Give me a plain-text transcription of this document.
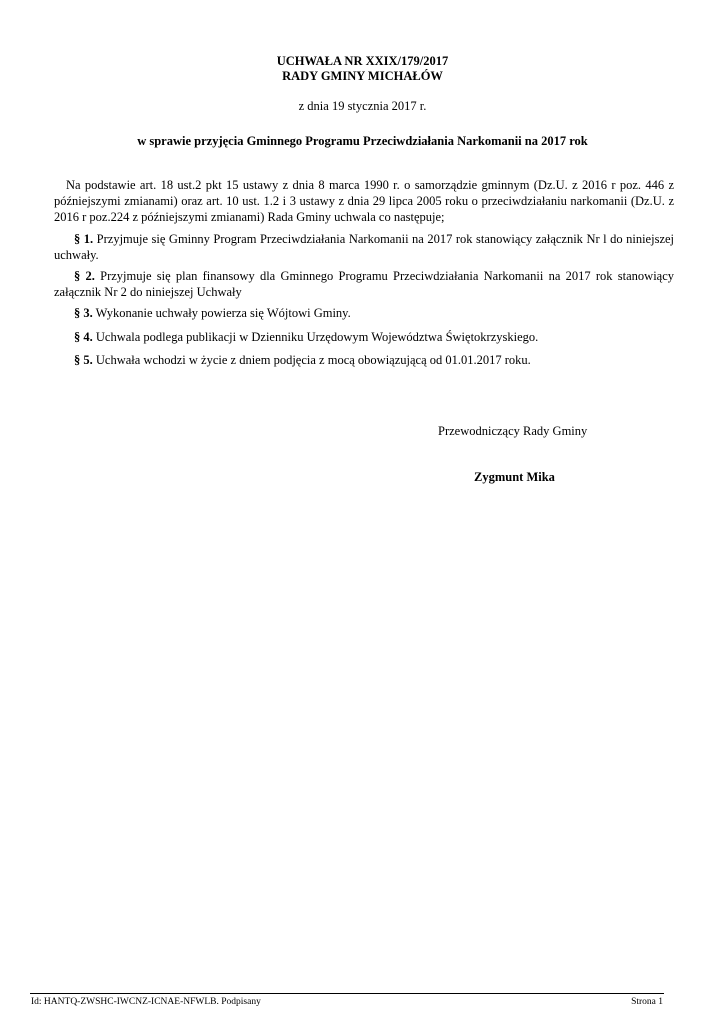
UCHWAŁA NR XXIX/179/2017
RADY GMINY MICHAŁÓW
z dnia 19 stycznia 2017 r.
w sprawie przyjęcia Gminnego Programu Przeciwdziałania Narkomanii na 2017 rok

Na podstawie art. 18 ust.2 pkt 15 ustawy z dnia 8 marca 1990 r. o samorządzie gminnym (Dz.U. z 2016 r poz. 446 z późniejszymi zmianami) oraz art. 10 ust. 1.2 i 3 ustawy z dnia 29 lipca 2005 roku o przeciwdziałaniu narkomanii (Dz.U. z 2016 r poz.224 z późniejszymi zmianami) Rada Gminy uchwala co następuje;

§ 1. Przyjmuje się Gminny Program Przeciwdziałania Narkomanii na 2017 rok stanowiący załącznik Nr l do niniejszej uchwały.

§ 2. Przyjmuje się plan finansowy dla Gminnego Programu Przeciwdziałania Narkomanii na 2017 rok stanowiący załącznik Nr 2 do niniejszej Uchwały

§ 3. Wykonanie uchwały powierza się Wójtowi Gminy.

§ 4. Uchwala podlega publikacji w Dzienniku Urzędowym Województwa Świętokrzyskiego.

§ 5. Uchwała wchodzi w życie z dniem podjęcia z mocą obowiązującą od 01.01.2017 roku.

Przewodniczący Rady Gminy
Zygmunt Mika
Id: HANTQ-ZWSHC-IWCNZ-ICNAE-NFWLB. Podpisany	Strona 1
